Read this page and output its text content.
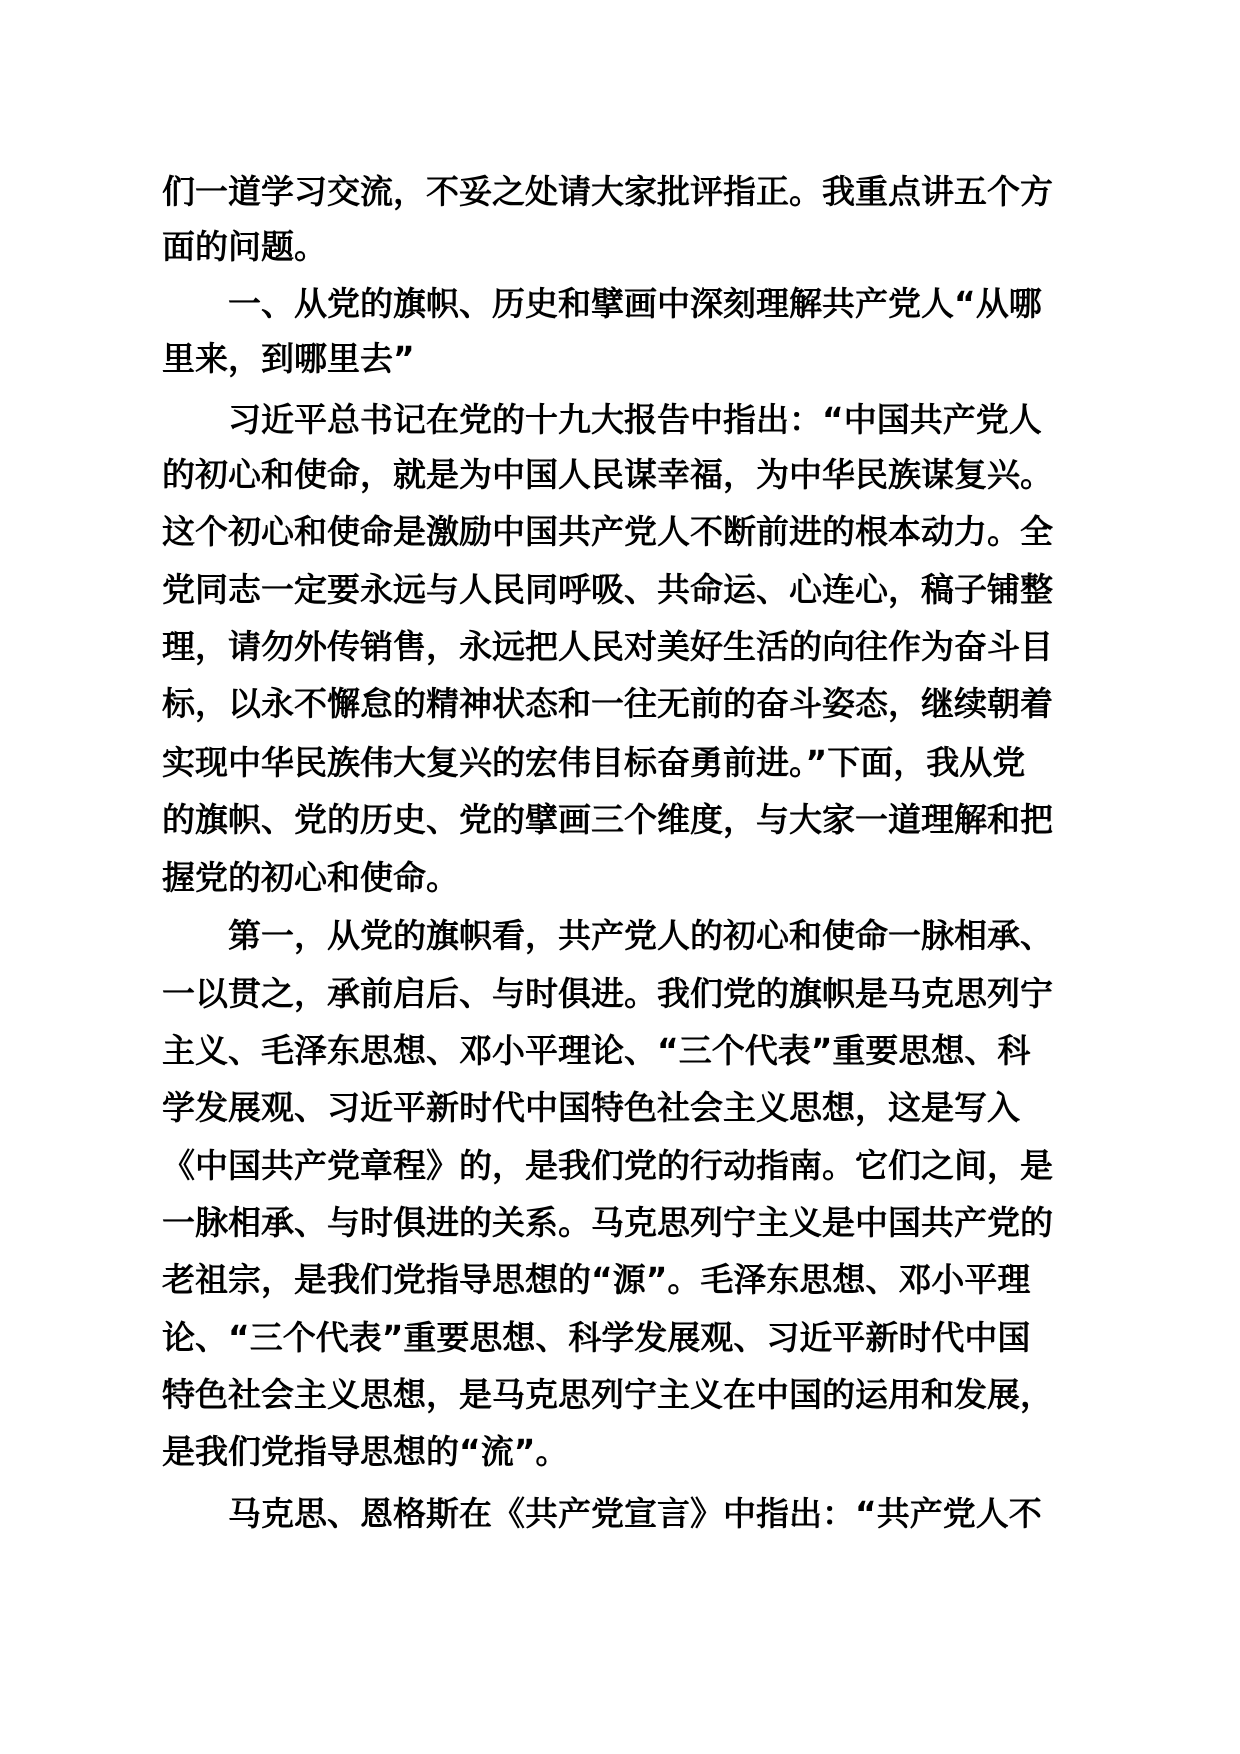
们一道学习交流，不妥之处请大家批评指正。我重点讲五个方
面的问题。
一、从党的旗帜、历史和擘画中深刻理解共产党人“从哪
里来，到哪里去”
习近平总书记在党的十九大报告中指出：“中国共产党人
的初心和使命，就是为中国人民谋幸福，为中华民族谋复兴。
这个初心和使命是激励中国共产党人不断前进的根本动力。全
党同志一定要永远与人民同呼吸、共命运、心连心，稿子铺整
理，请勿外传销售，永远把人民对美好生活的向往作为奋斗目
标，以永不懈怠的精神状态和一往无前的奋斗姿态，继续朝着
实现中华民族伟大复兴的宏伟目标奋勇前进。”下面，我从党
的旗帜、党的历史、党的擘画三个维度，与大家一道理解和把
握党的初心和使命。
第一，从党的旗帜看，共产党人的初心和使命一脉相承、
一以贯之，承前启后、与时俱进。我们党的旗帜是马克思列宁
主义、毛泽东思想、邓小平理论、“三个代表”重要思想、科
学发展观、习近平新时代中国特色社会主义思想，这是写入
《中国共产党章程》的，是我们党的行动指南。它们之间，是
一脉相承、与时俱进的关系。马克思列宁主义是中国共产党的
老祖宗，是我们党指导思想的“源”。毛泽东思想、邓小平理
论、“三个代表”重要思想、科学发展观、习近平新时代中国
特色社会主义思想，是马克思列宁主义在中国的运用和发展，
是我们党指导思想的“流”。
马克思、恩格斯在《共产党宣言》中指出：“共产党人不
